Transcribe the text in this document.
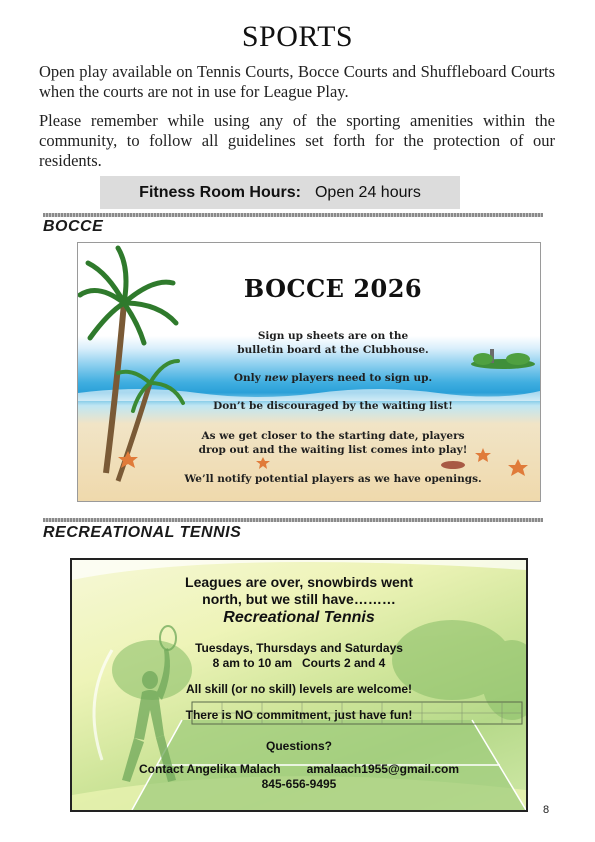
SPORTS
Open play available on Tennis Courts, Bocce Courts and Shuffleboard Courts when the courts are not in use for League Play.
Please remember while using any of the sporting amenities within the community, to follow all guidelines set forth for the protection of our residents.
Fitness Room Hours: Open 24 hours
BOCCE
BOCCE 2026
Sign up sheets are on the
bulletin board at the Clubhouse.
Only new players need to sign up.
Don’t be discouraged by the waiting list!
As we get closer to the starting date, players
drop out and the waiting list comes into play!
We’ll notify potential players as we have openings.
RECREATIONAL TENNIS
Leagues are over, snowbirds went
north, but we still have………
Recreational Tennis
Tuesdays, Thursdays and Saturdays
8 am to 10 am   Courts 2 and 4
All skill (or no skill) levels are welcome!
There is NO commitment, just have fun!
Questions?
Contact Angelika Malach amalaach1955@gmail.com
845-656-9495
8
